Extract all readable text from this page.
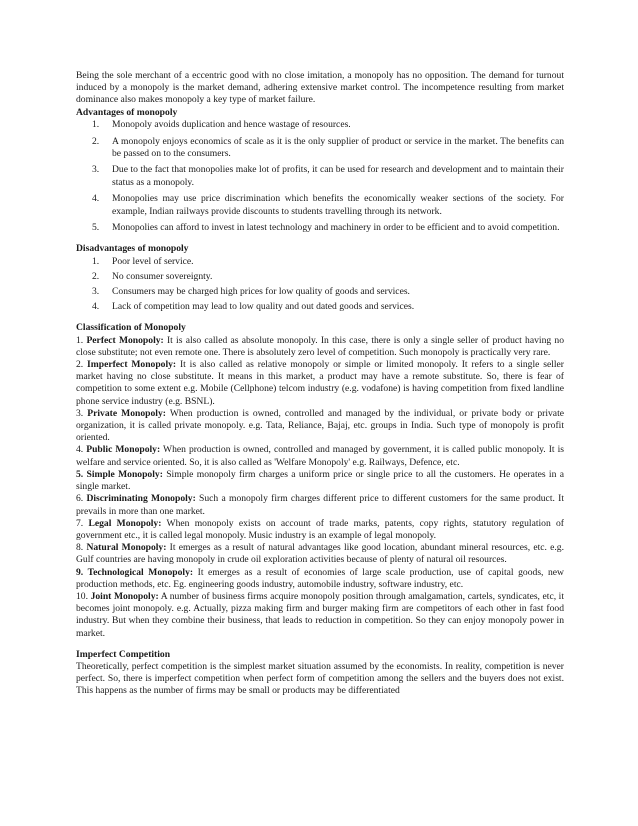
Being the sole merchant of a eccentric good with no close imitation, a monopoly has no opposition. The demand for turnout induced by a monopoly is the market demand, adhering extensive market control. The incompetence resulting from market dominance also makes monopoly a key type of market failure.

Advantages of monopoly

1. Monopoly avoids duplication and hence wastage of resources.
2. A monopoly enjoys economics of scale as it is the only supplier of product or service in the market. The benefits can be passed on to the consumers.
3. Due to the fact that monopolies make lot of profits, it can be used for research and development and to maintain their status as a monopoly.
4. Monopolies may use price discrimination which benefits the economically weaker sections of the society. For example, Indian railways provide discounts to students travelling through its network.
5. Monopolies can afford to invest in latest technology and machinery in order to be efficient and to avoid competition.

Disadvantages of monopoly

1. Poor level of service.
2. No consumer sovereignty.
3. Consumers may be charged high prices for low quality of goods and services.
4. Lack of competition may lead to low quality and out dated goods and services.

Classification of Monopoly

1. Perfect Monopoly: It is also called as absolute monopoly. In this case, there is only a single seller of product having no close substitute; not even remote one. There is absolutely zero level of competition. Such monopoly is practically very rare.

2. Imperfect Monopoly: It is also called as relative monopoly or simple or limited monopoly. It refers to a single seller market having no close substitute. It means in this market, a product may have a remote substitute. So, there is fear of competition to some extent e.g. Mobile (Cellphone) telcom industry (e.g. vodafone) is having competition from fixed landline phone service industry (e.g. BSNL).

3. Private Monopoly: When production is owned, controlled and managed by the individual, or private body or private organization, it is called private monopoly. e.g. Tata, Reliance, Bajaj, etc. groups in India. Such type of monopoly is profit oriented.

4. Public Monopoly: When production is owned, controlled and managed by government, it is called public monopoly. It is welfare and service oriented. So, it is also called as 'Welfare Monopoly' e.g. Railways, Defence, etc.

5. Simple Monopoly: Simple monopoly firm charges a uniform price or single price to all the customers. He operates in a single market.

6. Discriminating Monopoly: Such a monopoly firm charges different price to different customers for the same product. It prevails in more than one market.

7. Legal Monopoly: When monopoly exists on account of trade marks, patents, copy rights, statutory regulation of government etc., it is called legal monopoly. Music industry is an example of legal monopoly.

8. Natural Monopoly: It emerges as a result of natural advantages like good location, abundant mineral resources, etc. e.g. Gulf countries are having monopoly in crude oil exploration activities because of plenty of natural oil resources.

9. Technological Monopoly: It emerges as a result of economies of large scale production, use of capital goods, new production methods, etc. Eg. engineering goods industry, automobile industry, software industry, etc.

10. Joint Monopoly: A number of business firms acquire monopoly position through amalgamation, cartels, syndicates, etc, it becomes joint monopoly. e.g. Actually, pizza making firm and burger making firm are competitors of each other in fast food industry. But when they combine their business, that leads to reduction in competition. So they can enjoy monopoly power in market.

Imperfect Competition

Theoretically, perfect competition is the simplest market situation assumed by the economists. In reality, competition is never perfect. So, there is imperfect competition when perfect form of competition among the sellers and the buyers does not exist. This happens as the number of firms may be small or products may be differentiated
